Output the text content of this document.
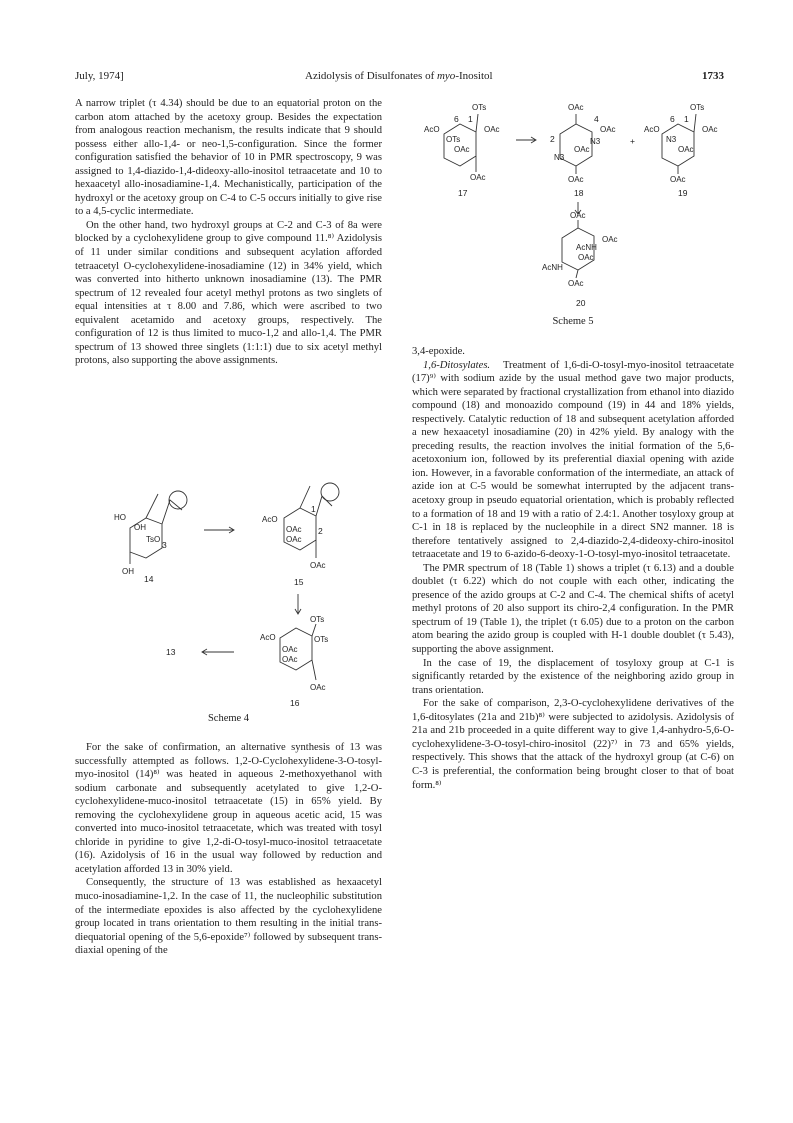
July, 1974]	Azidolysis of Disulfonates of myo-Inositol	1733

A narrow triplet (τ 4.34) should be due to an equatorial proton on the carbon atom attached by the acetoxy group. Besides the expectation from analogous reaction mechanism, the results indicate that 9 should possess either allo-1,4- or neo-1,5-configuration. Since the former configuration satisfied the behavior of 10 in PMR spectroscopy, 9 was assigned to 1,4-diazido-1,4-dideoxy-allo-inositol tetraacetate and 10 to hexaacetyl allo-inosadiamine-1,4. Mechanistically, participation of the hydroxyl or the acetoxy group on C-4 to C-5 occurs initially to give rise to a 4,5-cyclic intermediate.

On the other hand, two hydroxyl groups at C-2 and C-3 of 8a were blocked by a cyclohexylidene group to give compound 11.⁸⁾ Azidolysis of 11 under similar conditions and subsequent acylation afforded tetraacetyl O-cyclohexylidene-inosadiamine (12) in 34% yield, which was converted into hitherto unknown inosadiamine (13). The PMR spectrum of 12 revealed four acetyl methyl protons as two singlets of equal intensities at τ 8.00 and 7.86, which were ascribed to two equivalent acetamido and acetoxy groups, respectively. The configuration of 12 is thus limited to muco-1,2 and allo-1,4. The PMR spectrum of 13 showed three singlets (1:1:1) due to six acetyl methyl protons, also supporting the above assignments.

HO
OH
TsO
OH
3
14
AcO
OAc
OAc
OAc
1
2
15
OTs
AcO	OTs
OAc
OAc
OAc
16
13
Scheme 4

For the sake of confirmation, an alternative synthesis of 13 was successfully attempted as follows. 1,2-O-Cyclohexylidene-3-O-tosyl-myo-inositol (14)⁸⁾ was heated in aqueous 2-methoxyethanol with sodium carbonate and subsequently acetylated to give 1,2-O-cyclohexylidene-muco-inositol tetraacetate (15) in 65% yield. By removing the cyclohexylidene group in aqueous acetic acid, 15 was converted into muco-inositol tetraacetate, which was treated with tosyl chloride in pyridine to give 1,2-di-O-tosyl-muco-inositol tetraacetate (16). Azidolysis of 16 in the usual way followed by reduction and acetylation afforded 13 in 30% yield.

Consequently, the structure of 13 was established as hexaacetyl muco-inosadiamine-1,2. In the case of 11, the nucleophilic substitution of the intermediate epoxides is also affected by the cyclohexylidene group located in trans orientation to them resulting in the initial trans-diequatorial opening of the 5,6-epoxide⁷⁾ followed by subsequent trans-diaxial opening of the

OTs
AcO
OTs
OAc
OAc
OAc
6 1
17
OAc
OAc
N3
OAc
N3
OAc
4
2
18
+
OTs
AcO
N3
OAc
OAc
OAc
6 1
19
OAc
OAc
AcNH
OAc
AcNH
OAc
20
Scheme 5

3,4-epoxide.

1,6-Ditosylates. Treatment of 1,6-di-O-tosyl-myo-inositol tetraacetate (17)⁹⁾ with sodium azide by the usual method gave two major products, which were separated by fractional crystallization from ethanol into diazido compound (18) and monoazido compound (19) in 44 and 18% yields, respectively. Catalytic reduction of 18 and subsequent acetylation afforded a new hexaacetyl inosadiamine (20) in 42% yield. By analogy with the preceding results, the reaction involves the initial formation of the 5,6-acetoxonium ion, followed by its preferential diaxial opening with azide ion. However, in a favorable conformation of the intermediate, an attack of azide ion at C-5 would be somewhat interrupted by the adjacent trans-acetoxy group in pseudo equatorial orientation, which is probably reflected to a formation of 18 and 19 with a ratio of 2.4:1. Another tosyloxy group at C-1 in 18 is replaced by the nucleophile in a direct SN2 manner. 18 is therefore tentatively assigned to 2,4-diazido-2,4-dideoxy-chiro-inositol tetraacetate and 19 to 6-azido-6-deoxy-1-O-tosyl-myo-inositol tetraacetate.

The PMR spectrum of 18 (Table 1) shows a triplet (τ 6.13) and a double doublet (τ 6.22) which do not couple with each other, indicating the presence of the azido groups at C-2 and C-4. The chemical shifts of acetyl methyl protons of 20 also support its chiro-2,4 configuration. In the PMR spectrum of 19 (Table 1), the triplet (τ 6.05) due to a proton on the carbon atom bearing the azido group is coupled with H-1 double doublet (τ 5.43), supporting the above assignment.

In the case of 19, the displacement of tosyloxy group at C-1 is significantly retarded by the existence of the neighboring azido group in trans orientation.

For the sake of comparison, 2,3-O-cyclohexylidene derivatives of the 1,6-ditosylates (21a and 21b)⁸⁾ were subjected to azidolysis. Azidolysis of 21a and 21b proceeded in a quite different way to give 1,4-anhydro-5,6-O-cyclohexylidene-3-O-tosyl-chiro-inositol (22)⁷⁾ in 73 and 65% yields, respectively. This shows that the attack of the hydroxyl group (at C-6) on C-3 is preferential, the conformation being brought closer to that of boat form.⁸⁾
